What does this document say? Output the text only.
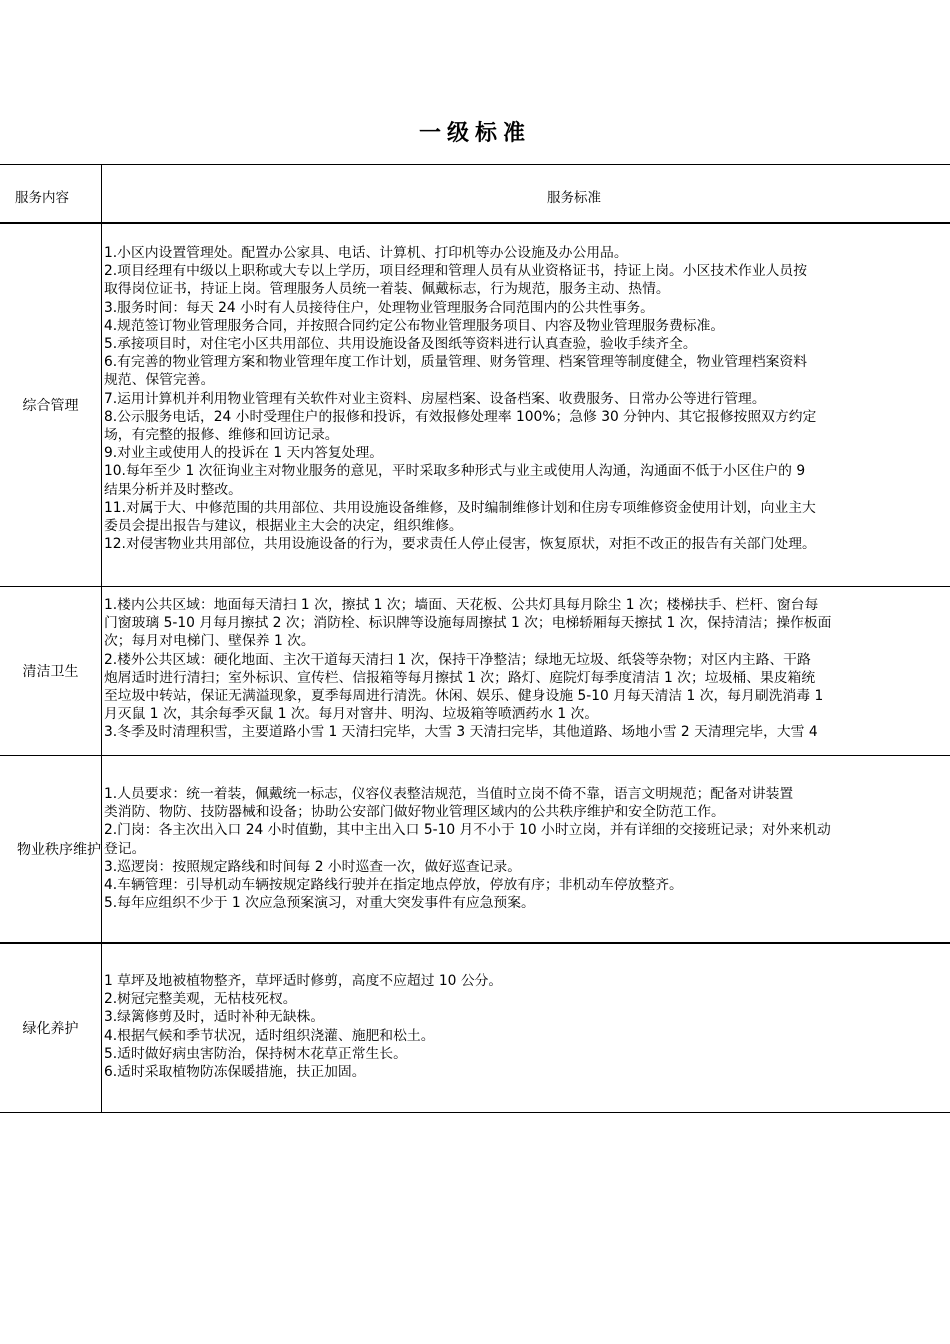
一级标准
服务内容	服务标准
综合管理
1.小区内设置管理处。配置办公家具、电话、计算机、打印机等办公设施及办公用品。
2.项目经理有中级以上职称或大专以上学历，项目经理和管理人员有从业资格证书，持证上岗。小区技术作业人员按
取得岗位证书，持证上岗。管理服务人员统一着装、佩戴标志，行为规范，服务主动、热情。
3.服务时间：每天 24 小时有人员接待住户，处理物业管理服务合同范围内的公共性事务。
4.规范签订物业管理服务合同，并按照合同约定公布物业管理服务项目、内容及物业管理服务费标准。
5.承接项目时，对住宅小区共用部位、共用设施设备及图纸等资料进行认真查验，验收手续齐全。
6.有完善的物业管理方案和物业管理年度工作计划，质量管理、财务管理、档案管理等制度健全，物业管理档案资料
规范、保管完善。
7.运用计算机并利用物业管理有关软件对业主资料、房屋档案、设备档案、收费服务、日常办公等进行管理。
8.公示服务电话，24 小时受理住户的报修和投诉，有效报修处理率 100%；急修 30 分钟内、其它报修按照双方约定
场，有完整的报修、维修和回访记录。
9.对业主或使用人的投诉在 1 天内答复处理。
10.每年至少 1 次征询业主对物业服务的意见，平时采取多种形式与业主或使用人沟通，沟通面不低于小区住户的 9
结果分析并及时整改。
11.对属于大、中修范围的共用部位、共用设施设备维修，及时编制维修计划和住房专项维修资金使用计划，向业主大
委员会提出报告与建议，根据业主大会的决定，组织维修。
12.对侵害物业共用部位，共用设施设备的行为，要求责任人停止侵害，恢复原状，对拒不改正的报告有关部门处理。
清洁卫生
1.楼内公共区域：地面每天清扫 1 次，擦拭 1 次；墙面、天花板、公共灯具每月除尘 1 次；楼梯扶手、栏杆、窗台每
门窗玻璃 5-10 月每月擦拭 2 次；消防栓、标识牌等设施每周擦拭 1 次；电梯轿厢每天擦拭 1 次，保持清洁；操作板面
次；每月对电梯门、壁保养 1 次。
2.楼外公共区域：硬化地面、主次干道每天清扫 1 次，保持干净整洁；绿地无垃圾、纸袋等杂物；对区内主路、干路
炮屑适时进行清扫；室外标识、宣传栏、信报箱等每月擦拭 1 次；路灯、庭院灯每季度清洁 1 次；垃圾桶、果皮箱统
至垃圾中转站，保证无满溢现象，夏季每周进行清洗。休闲、娱乐、健身设施 5-10 月每天清洁 1 次，每月刷洗消毒 1
月灭鼠 1 次，其余每季灭鼠 1 次。每月对窨井、明沟、垃圾箱等喷洒药水 1 次。
3.冬季及时清理积雪，主要道路小雪 1 天清扫完毕，大雪 3 天清扫完毕，其他道路、场地小雪 2 天清理完毕，大雪 4
物业秩序维护
1.人员要求：统一着装，佩戴统一标志，仪容仪表整洁规范，当值时立岗不倚不靠，语言文明规范；配备对讲装置
类消防、物防、技防器械和设备；协助公安部门做好物业管理区域内的公共秩序维护和安全防范工作。
2.门岗：各主次出入口 24 小时值勤，其中主出入口 5-10 月不小于 10 小时立岗，并有详细的交接班记录；对外来机动
登记。
3.巡逻岗：按照规定路线和时间每 2 小时巡查一次，做好巡查记录。
4.车辆管理：引导机动车辆按规定路线行驶并在指定地点停放，停放有序；非机动车停放整齐。
5.每年应组织不少于 1 次应急预案演习，对重大突发事件有应急预案。
绿化养护
1 草坪及地被植物整齐，草坪适时修剪，高度不应超过 10 公分。
2.树冠完整美观，无枯枝死杈。
3.绿篱修剪及时，适时补种无缺株。
4.根据气候和季节状况，适时组织浇灌、施肥和松土。
5.适时做好病虫害防治，保持树木花草正常生长。
6.适时采取植物防冻保暖措施，扶正加固。
